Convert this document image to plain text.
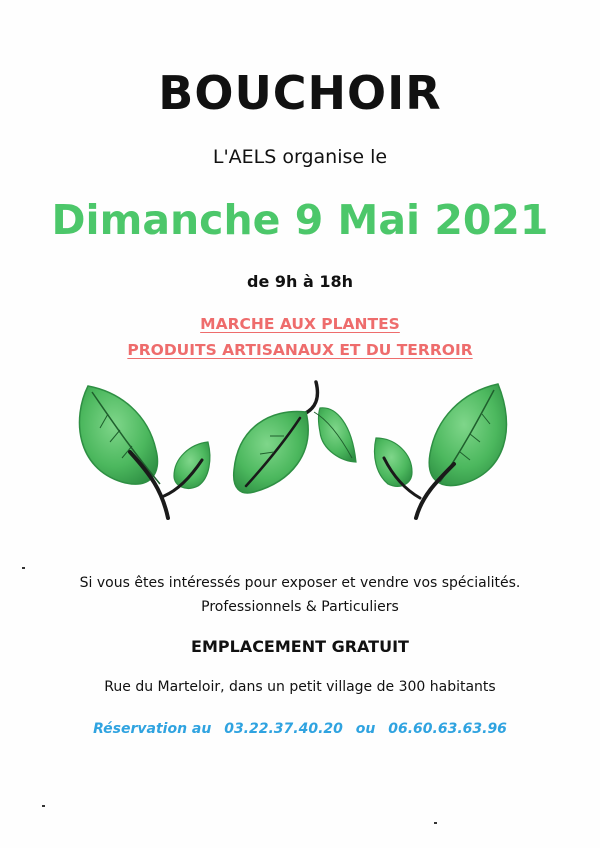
BOUCHOIR
L'AELS organise le
Dimanche 9 Mai 2021
de 9h à 18h
MARCHE AUX PLANTES
PRODUITS ARTISANAUX ET DU TERROIR
Si vous êtes intéressés pour exposer et vendre vos spécialités.
Professionnels & Particuliers
EMPLACEMENT GRATUIT
Rue du Marteloir, dans un petit village de 300 habitants
Réservation au 03.22.37.40.20 ou 06.60.63.63.96
